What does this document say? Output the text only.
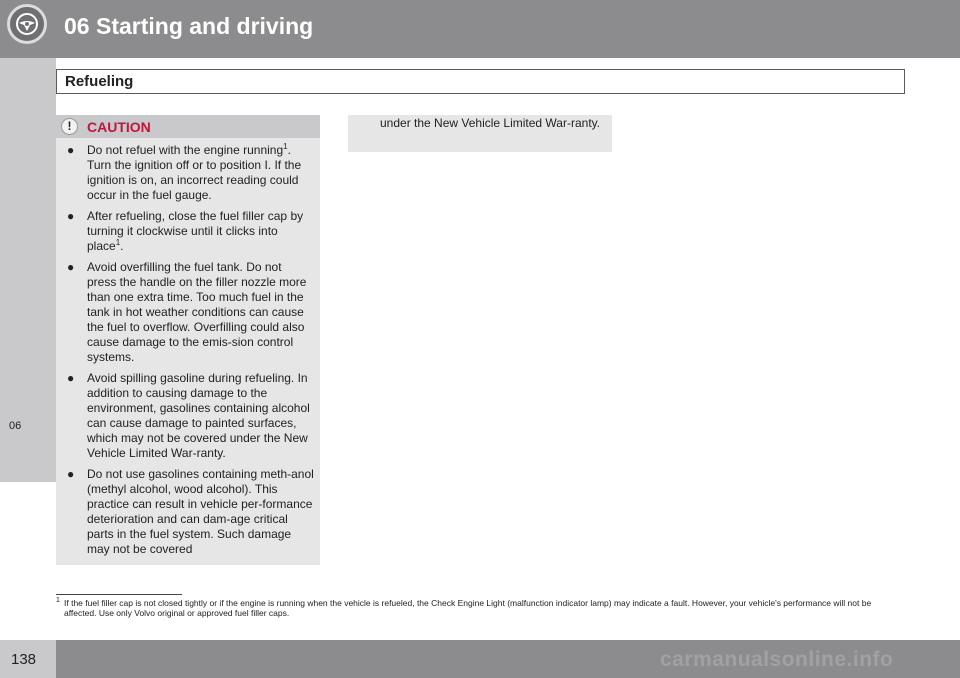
06 Starting and driving
06
Refueling
!	CAUTION
● Do not refuel with the engine running$^1$. Turn the ignition off or to position I. If the ignition is on, an incorrect reading could occur in the fuel gauge.
● After refueling, close the fuel filler cap by turning it clockwise until it clicks into place$^1$.
● Avoid overfilling the fuel tank. Do not press the handle on the filler nozzle more than one extra time. Too much fuel in the tank in hot weather conditions can cause the fuel to overflow. Overfilling could also cause damage to the emis-sion control systems.
● Avoid spilling gasoline during refueling. In addition to causing damage to the environment, gasolines containing alcohol can cause damage to painted surfaces, which may not be covered under the New Vehicle Limited War-ranty.
● Do not use gasolines containing meth-anol (methyl alcohol, wood alcohol). This practice can result in vehicle per-formance deterioration and can dam-age critical parts in the fuel system. Such damage may not be covered
under the New Vehicle Limited War-ranty.
1 If the fuel filler cap is not closed tightly or if the engine is running when the vehicle is refueled, the Check Engine Light (malfunction indicator lamp) may indicate a fault. However, your vehicle's performance will not be affected. Use only Volvo original or approved fuel filler caps.
138	carmanualsonline.info
